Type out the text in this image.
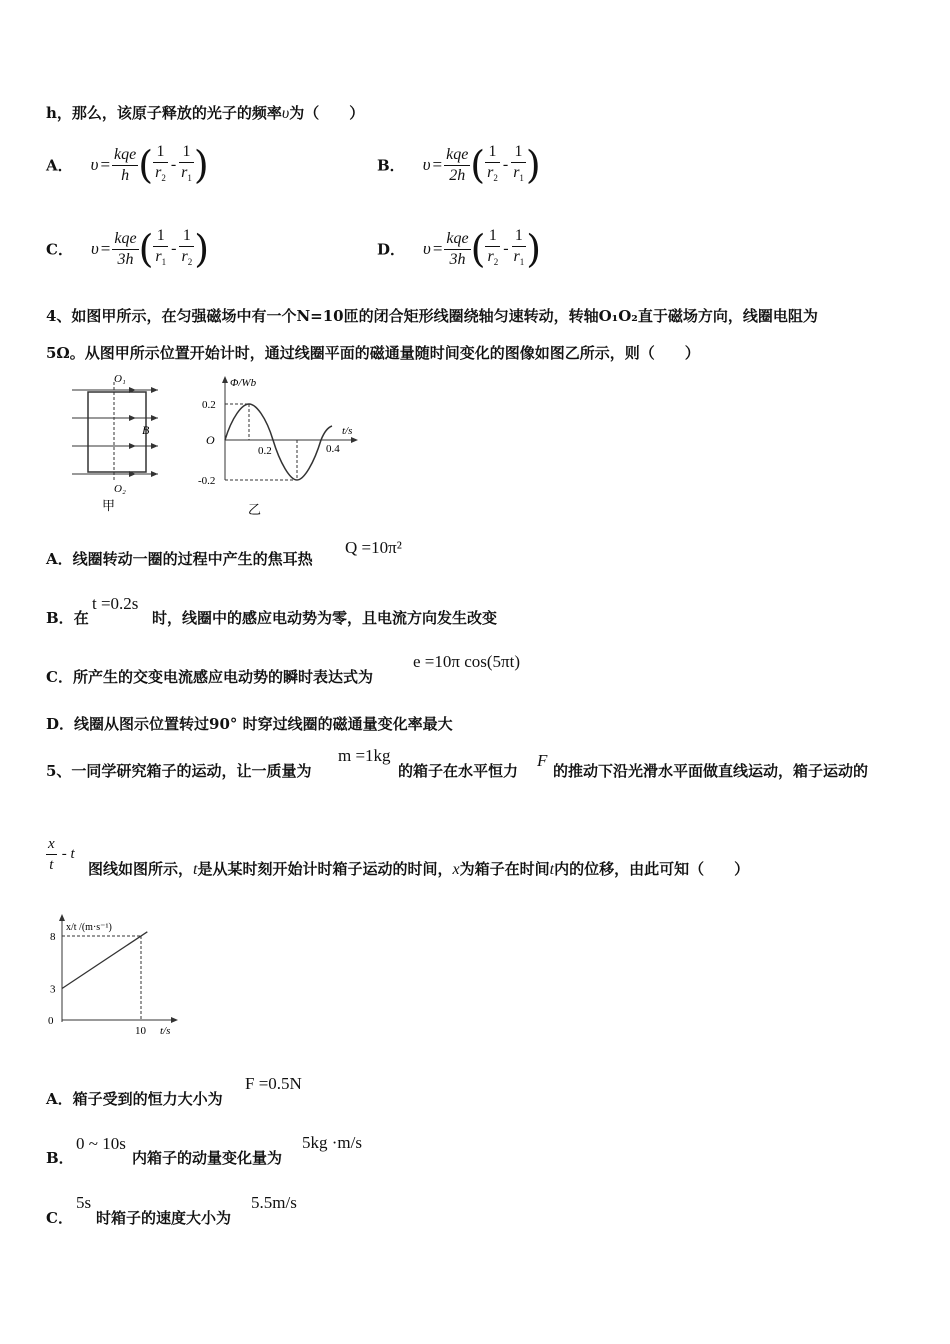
h，那么，该原子释放的光子的频率υ为（　　）
A． $\upsilon = \frac{\text{kqe}}{h}$ ( $\frac{1}{r_2} - \frac{1}{r_1}$ )	B． $\upsilon = \frac{\text{kqe}}{2h}$ ( $\frac{1}{r_2} - \frac{1}{r_1}$ )
C． $\upsilon = \frac{\text{kqe}}{3h}$ ( $\frac{1}{r_1} - \frac{1}{r_2}$ )	D． $\upsilon = \frac{\text{kqe}}{3h}$ ( $\frac{1}{r_2} - \frac{1}{r_1}$ )
4、如图甲所示，在匀强磁场中有一个N=10匝的闭合矩形线圈绕轴匀速转动，转轴O₁O₂直于磁场方向，线圈电阻为
5Ω。从图甲所示位置开始计时，通过线圈平面的磁通量随时间变化的图像如图乙所示，则（　　）
O₁
O₂
B
甲
Φ/Wb
t/s
O
0.2
-0.2
0.2	0.4
乙
A．线圈转动一圈的过程中产生的焦耳热
Q =10π²
B．在
t =0.2s
时，线圈中的感应电动势为零，且电流方向发生改变
C．所产生的交变电流感应电动势的瞬时表达式为
e =10π cos(5πt)
D．线圈从图示位置转过90° 时穿过线圈的磁通量变化率最大
5、一同学研究箱子的运动，让一质量为
m =1kg
的箱子在水平恒力
F
的推动下沿光滑水平面做直线运动，箱子运动的
$\frac{x}{t}$ - t
图线如图所示，t是从某时刻开始计时箱子运动的时间，x为箱子在时间t内的位移，由此可知（　　）
x/t /(m·s⁻¹)
t/s
0
8
3
10
A．箱子受到的恒力大小为
F =0.5N
B．
0 ~ 10s
内箱子的动量变化量为
5kg ·m/s
C．
5s
时箱子的速度大小为
5.5m/s
